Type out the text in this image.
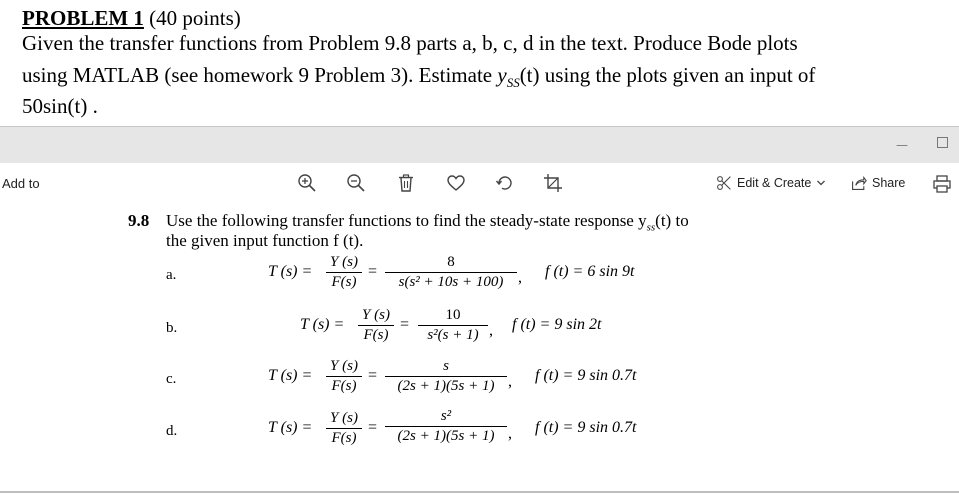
PROBLEM 1 (40 points)
Given the transfer functions from Problem 9.8 parts a, b, c, d in the text. Produce Bode plots
using MATLAB (see homework 9 Problem 3). Estimate $y_{SS}(t)$ using the plots given an input of
50sin(t) .
—
Add to	Edit & Create	Share
9.8 Use the following transfer functions to find the steady-state response $y_{ss}(t)$ to
the given input function f (t).
a.	T (s) =
Y (s)
F(s)
=
8
s(s² + 10s + 100) , f (t) = 6 sin 9t
b.	T (s) =
Y (s)
F(s)
=
10
s²(s + 1) , f (t) = 9 sin 2t
c.	T (s) =
Y (s)
F(s)
=
s
(2s + 1)(5s + 1) , f (t) = 9 sin 0.7t
d.	T (s) =
Y (s)
F(s)
=
s²
(2s + 1)(5s + 1) , f (t) = 9 sin 0.7t
